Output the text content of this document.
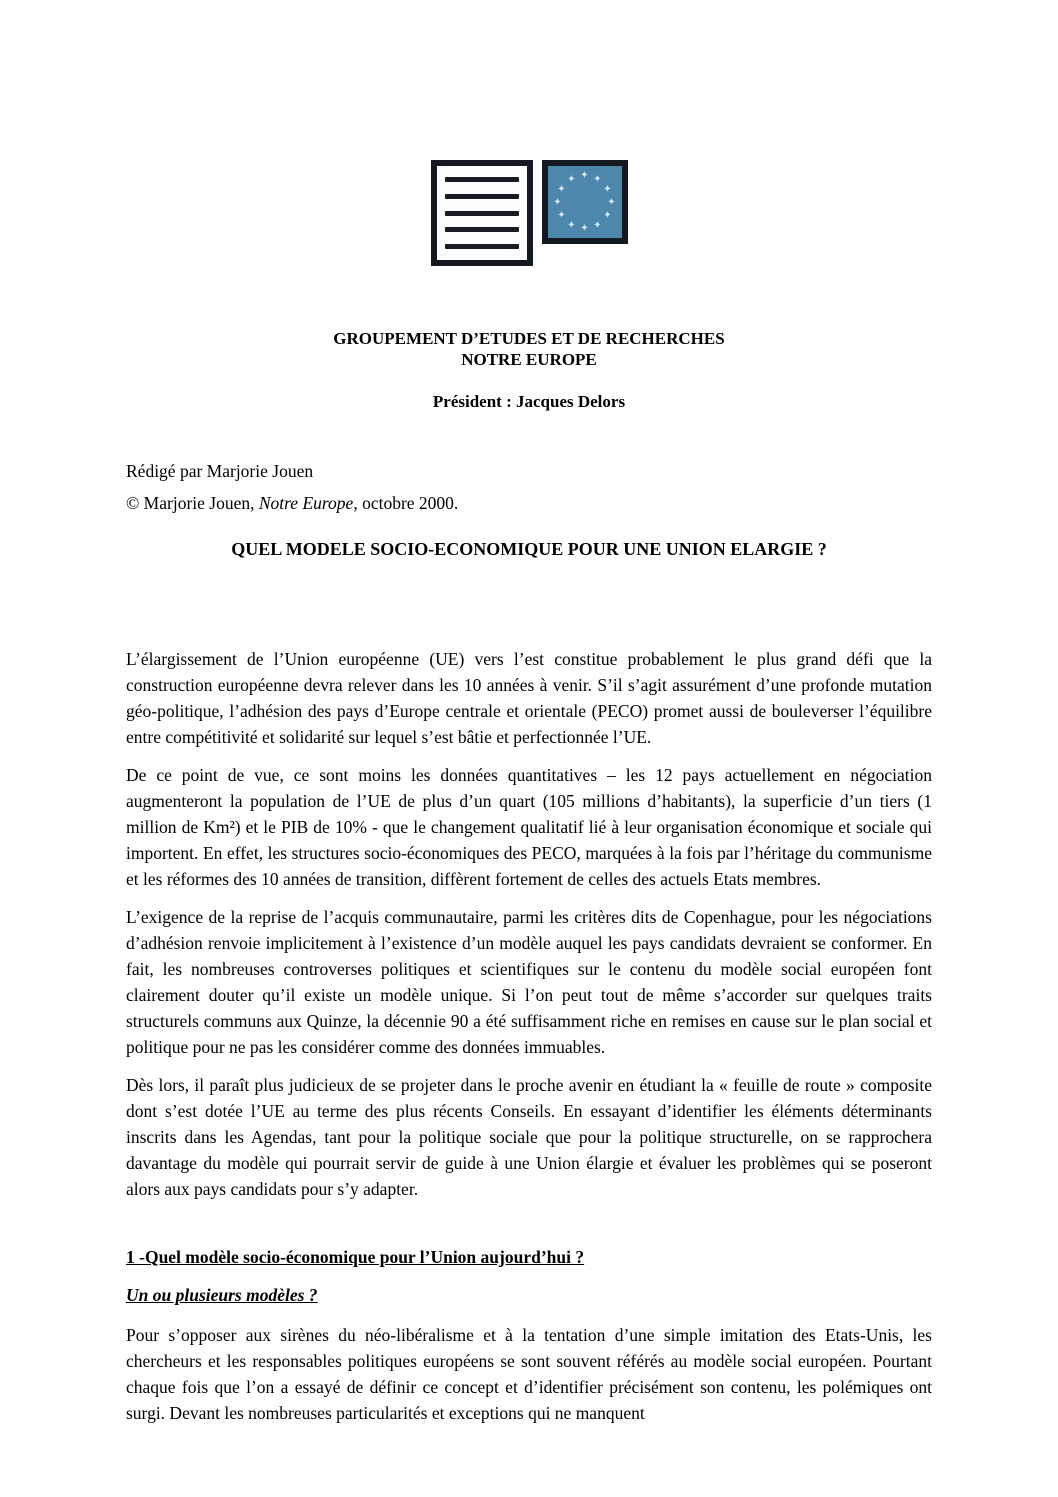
✦ ✦
✦
✦
✦
✦
✦
✦
✦
✦
✦
✦
GROUPEMENT D’ETUDES ET DE RECHERCHES
NOTRE EUROPE
Président : Jacques Delors
Rédigé par Marjorie Jouen
© Marjorie Jouen, Notre Europe, octobre 2000.
QUEL MODELE SOCIO-ECONOMIQUE POUR UNE UNION ELARGIE ?

L’élargissement de l’Union européenne (UE) vers l’est constitue probablement le plus grand défi que la construction européenne devra relever dans les 10 années à venir. S’il s’agit assurément d’une profonde mutation géo-politique, l’adhésion des pays d’Europe centrale et orientale (PECO) promet aussi de bouleverser l’équilibre entre compétitivité et solidarité sur lequel s’est bâtie et perfectionnée l’UE.

De ce point de vue, ce sont moins les données quantitatives – les 12 pays actuellement en négociation augmenteront la population de l’UE de plus d’un quart (105 millions d’habitants), la superficie d’un tiers (1 million de Km²) et le PIB de 10% - que le changement qualitatif lié à leur organisation économique et sociale qui importent. En effet, les structures socio-économiques des PECO, marquées à la fois par l’héritage du communisme et les réformes des 10 années de transition, diffèrent fortement de celles des actuels Etats membres.

L’exigence de la reprise de l’acquis communautaire, parmi les critères dits de Copenhague, pour les négociations d’adhésion renvoie implicitement à l’existence d’un modèle auquel les pays candidats devraient se conformer. En fait, les nombreuses controverses politiques et scientifiques sur le contenu du modèle social européen font clairement douter qu’il existe un modèle unique. Si l’on peut tout de même s’accorder sur quelques traits structurels communs aux Quinze, la décennie 90 a été suffisamment riche en remises en cause sur le plan social et politique pour ne pas les considérer comme des données immuables.

Dès lors, il paraît plus judicieux de se projeter dans le proche avenir en étudiant la « feuille de route » composite dont s’est dotée l’UE au terme des plus récents Conseils. En essayant d’identifier les éléments déterminants inscrits dans les Agendas, tant pour la politique sociale que pour la politique structurelle, on se rapprochera davantage du modèle qui pourrait servir de guide à une Union élargie et évaluer les problèmes qui se poseront alors aux pays candidats pour s’y adapter.

1 -Quel modèle socio-économique pour l’Union aujourd’hui ?
Un ou plusieurs modèles ?

Pour s’opposer aux sirènes du néo-libéralisme et à la tentation d’une simple imitation des Etats-Unis, les chercheurs et les responsables politiques européens se sont souvent référés au modèle social européen. Pourtant chaque fois que l’on a essayé de définir ce concept et d’identifier précisément son contenu, les polémiques ont surgi. Devant les nombreuses particularités et exceptions qui ne manquent
